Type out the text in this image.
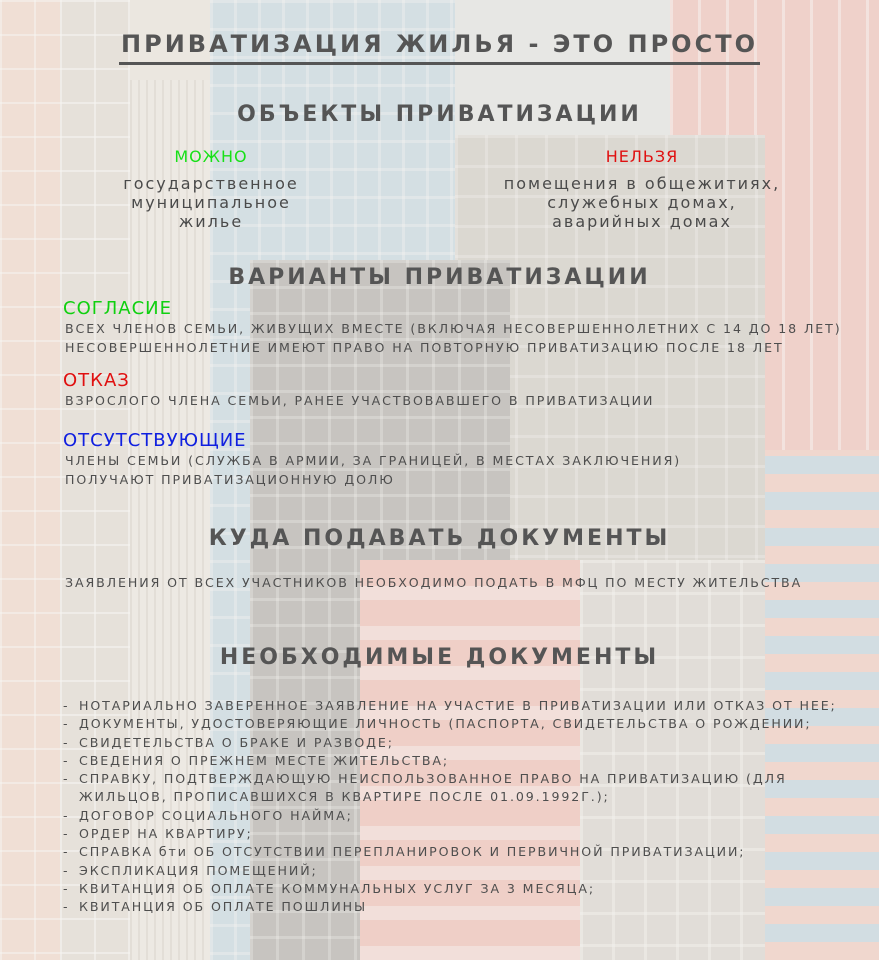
ПРИВАТИЗАЦИЯ ЖИЛЬЯ - ЭТО ПРОСТО
ОБЪЕКТЫ ПРИВАТИЗАЦИИ
МОЖНО
государственное
муниципальное
жилье
НЕЛЬЗЯ
помещения в общежитиях,
служебных домах,
аварийных домах
ВАРИАНТЫ ПРИВАТИЗАЦИИ
СОГЛАСИЕ
ВСЕХ ЧЛЕНОВ СЕМЬИ, ЖИВУЩИХ ВМЕСТЕ (ВКЛЮЧАЯ НЕСОВЕРШЕННОЛЕТНИХ С 14 ДО 18 ЛЕТ)
НЕСОВЕРШЕННОЛЕТНИЕ ИМЕЮТ ПРАВО НА ПОВТОРНУЮ ПРИВАТИЗАЦИЮ ПОСЛЕ 18 ЛЕТ
ОТКАЗ
ВЗРОСЛОГО ЧЛЕНА СЕМЬИ, РАНЕЕ УЧАСТВОВАВШЕГО В ПРИВАТИЗАЦИИ
ОТСУТСТВУЮЩИЕ
ЧЛЕНЫ СЕМЬИ (СЛУЖБА В АРМИИ, ЗА ГРАНИЦЕЙ, В МЕСТАХ ЗАКЛЮЧЕНИЯ)
ПОЛУЧАЮТ ПРИВАТИЗАЦИОННУЮ ДОЛЮ
КУДА ПОДАВАТЬ ДОКУМЕНТЫ
ЗАЯВЛЕНИЯ ОТ ВСЕХ УЧАСТНИКОВ НЕОБХОДИМО ПОДАТЬ В МФЦ ПО МЕСТУ ЖИТЕЛЬСТВА
НЕОБХОДИМЫЕ ДОКУМЕНТЫ
- НОТАРИАЛЬНО ЗАВЕРЕННОЕ ЗАЯВЛЕНИЕ НА УЧАСТИЕ В ПРИВАТИЗАЦИИ ИЛИ ОТКАЗ ОТ НЕЕ;
- ДОКУМЕНТЫ, УДОСТОВЕРЯЮЩИЕ ЛИЧНОСТЬ (ПАСПОРТА, СВИДЕТЕЛЬСТВА О РОЖДЕНИИ;
- СВИДЕТЕЛЬСТВА О БРАКЕ И РАЗВОДЕ;
- СВЕДЕНИЯ О ПРЕЖНЕМ МЕСТЕ ЖИТЕЛЬСТВА;
- СПРАВКУ, ПОДТВЕРЖДАЮЩУЮ НЕИСПОЛЬЗОВАННОЕ ПРАВО НА ПРИВАТИЗАЦИЮ (ДЛЯ
ЖИЛЬЦОВ, ПРОПИСАВШИХСЯ В КВАРТИРЕ ПОСЛЕ 01.09.1992Г.);
- ДОГОВОР СОЦИАЛЬНОГО НАЙМА;
- ОРДЕР НА КВАРТИРУ;
- СПРАВКА бти ОБ ОТСУТСТВИИ ПЕРЕПЛАНИРОВОК И ПЕРВИЧНОЙ ПРИВАТИЗАЦИИ;
- ЭКСПЛИКАЦИЯ ПОМЕЩЕНИЙ;
- КВИТАНЦИЯ ОБ ОПЛАТЕ КОММУНАЛЬНЫХ УСЛУГ ЗА 3 МЕСЯЦА;
- КВИТАНЦИЯ ОБ ОПЛАТЕ ПОШЛИНЫ
